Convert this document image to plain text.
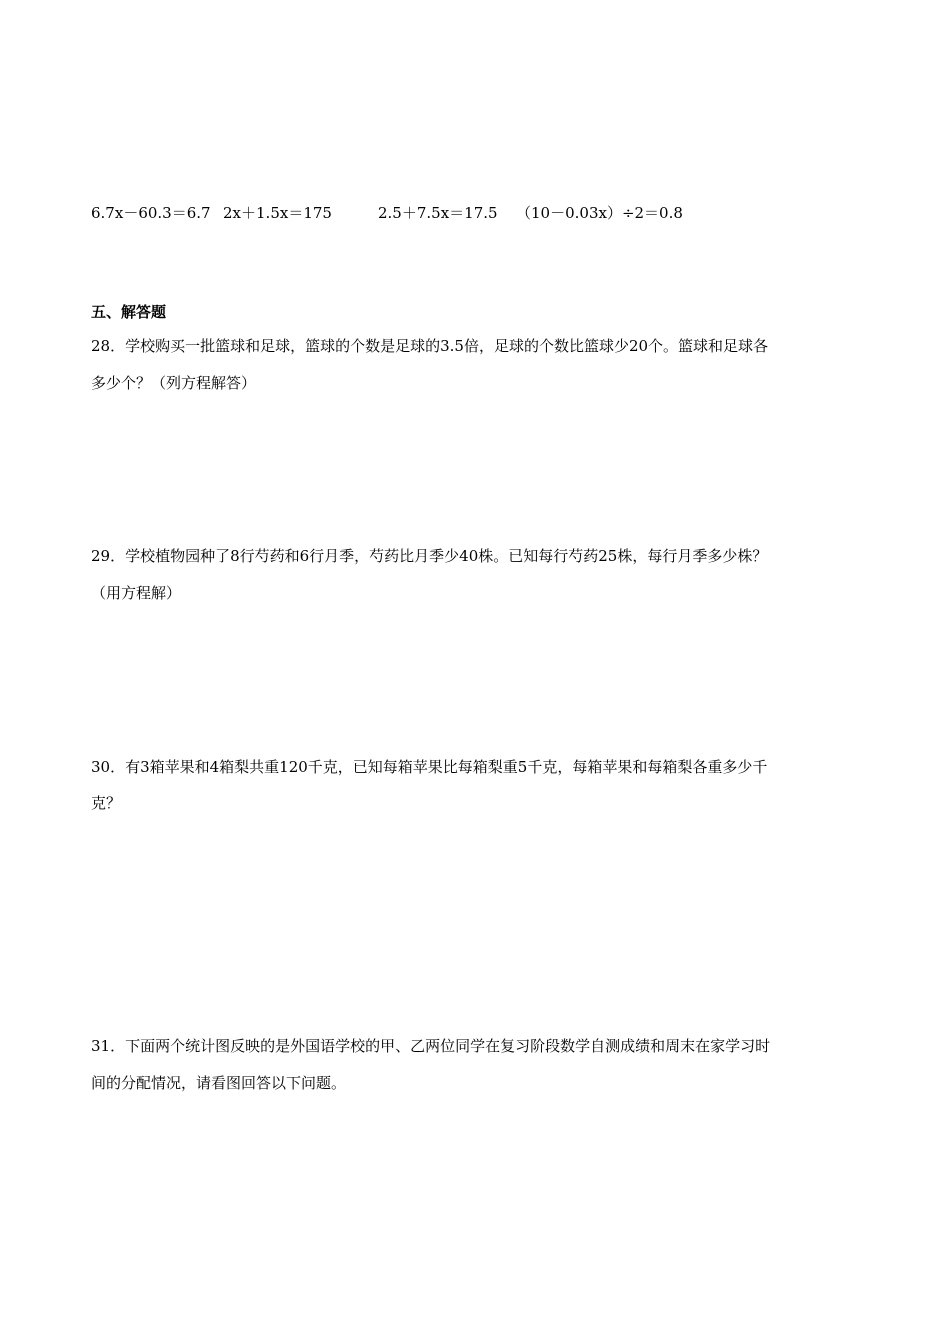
6.7x－60.3＝6.7 2x＋1.5x＝175	2.5＋7.5x＝17.5 （10－0.03x）÷2＝0.8
五、解答题
28．学校购买一批篮球和足球，篮球的个数是足球的3.5倍，足球的个数比篮球少20个。篮球和足球各
多少个？（列方程解答）
29．学校植物园种了8行芍药和6行月季，芍药比月季少40株。已知每行芍药25株，每行月季多少株？
（用方程解）
30．有3箱苹果和4箱梨共重120千克，已知每箱苹果比每箱梨重5千克，每箱苹果和每箱梨各重多少千
克？
31．下面两个统计图反映的是外国语学校的甲、乙两位同学在复习阶段数学自测成绩和周末在家学习时
间的分配情况，请看图回答以下问题。
